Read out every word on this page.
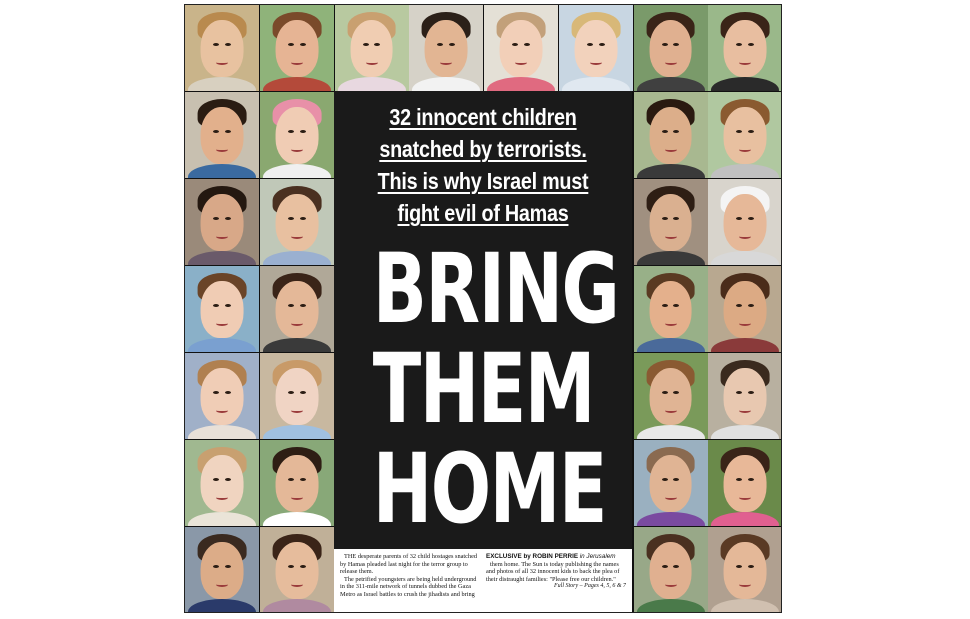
32 innocent children
snatched by terrorists.
This is why Israel must
fight evil of Hamas
BRING
THEM
HOME

THE desperate parents of 32 child hostages snatched by Hamas pleaded last night for the terror group to release them.

The petrified youngsters are being held underground in the 311-mile network of tunnels dubbed the Gaza Metro as Israel battles to crush the jihadists and bring

EXCLUSIVE by ROBIN PERRIE in Jerusalem

them home. The Sun is today publishing the names and photos of all 32 innocent kids to back the plea of their distraught families: "Please free our children."

Full Story – Pages 4, 5, 6 & 7
